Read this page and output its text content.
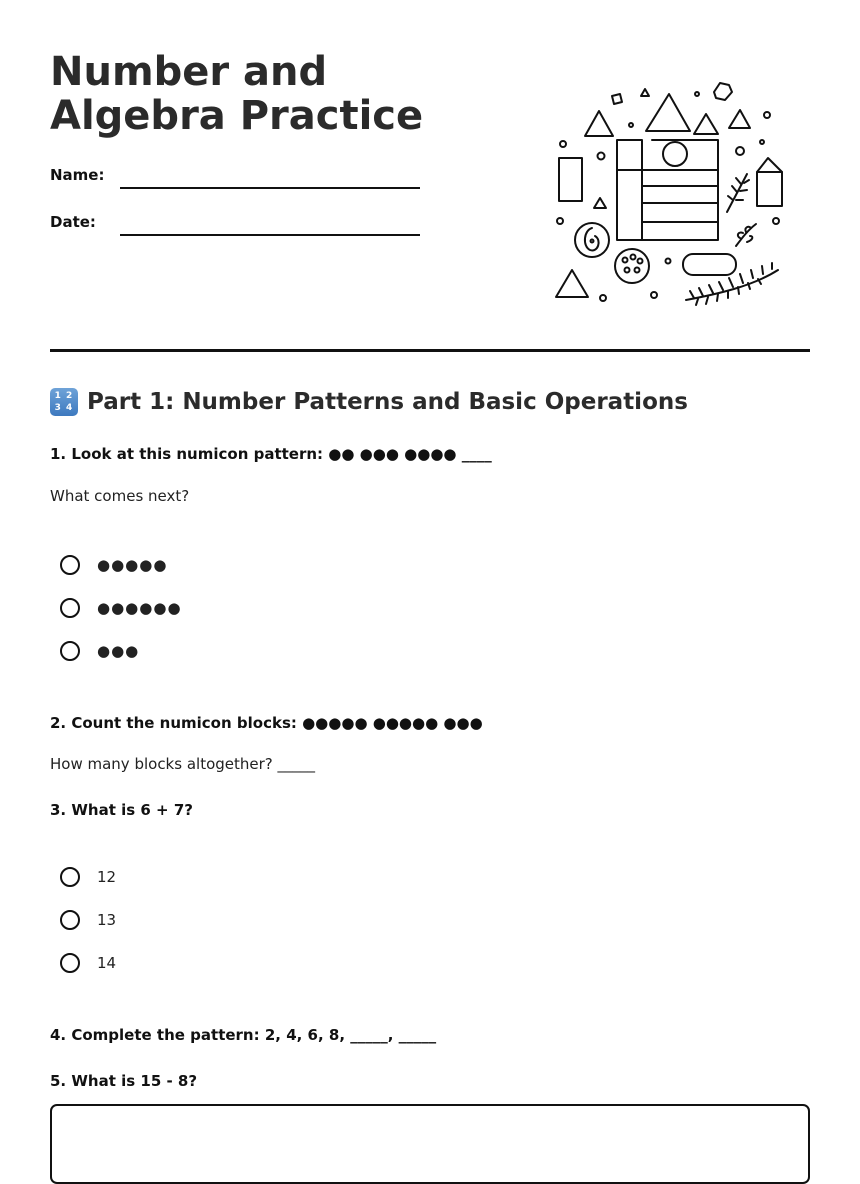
Number and Algebra Practice
Name:
Date:
1 2 3 4 Part 1: Number Patterns and Basic Operations
1. Look at this numicon pattern: ●● ●●● ●●●● ____
What comes next?
●●●●●
●●●●●●
●●●
2. Count the numicon blocks: ●●●●● ●●●●● ●●●
How many blocks altogether? _____
3. What is 6 + 7?
12
13
14
4. Complete the pattern: 2, 4, 6, 8, _____, _____
5. What is 15 - 8?
